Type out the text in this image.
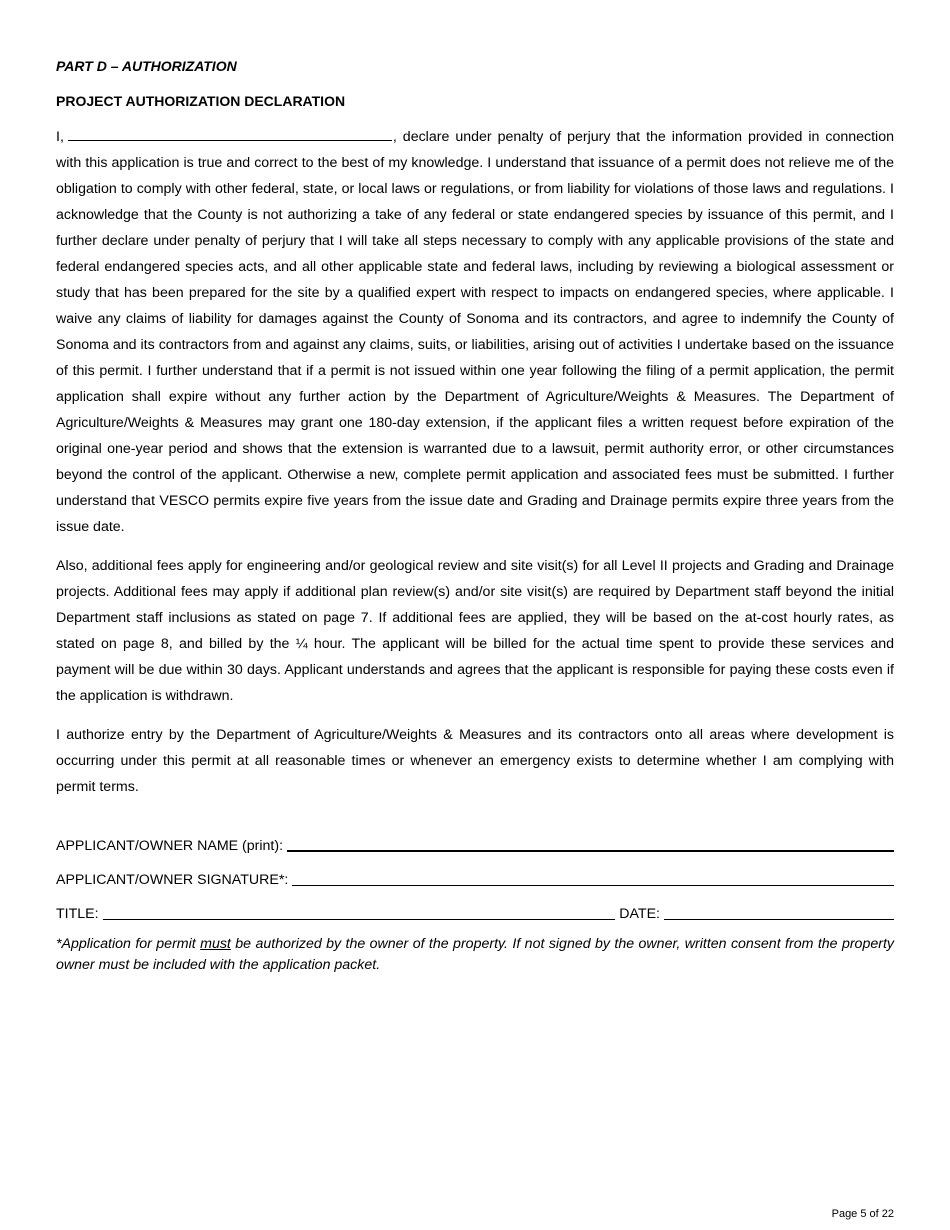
PART D – AUTHORIZATION
PROJECT AUTHORIZATION DECLARATION

I,	, declare under penalty of perjury that the information provided in connection with this application is true and correct to the best of my knowledge. I understand that issuance of a permit does not relieve me of the obligation to comply with other federal, state, or local laws or regulations, or from liability for violations of those laws and regulations. I acknowledge that the County is not authorizing a take of any federal or state endangered species by issuance of this permit, and I further declare under penalty of perjury that I will take all steps necessary to comply with any applicable provisions of the state and federal endangered species acts, and all other applicable state and federal laws, including by reviewing a biological assessment or study that has been prepared for the site by a qualified expert with respect to impacts on endangered species, where applicable. I waive any claims of liability for damages against the County of Sonoma and its contractors, and agree to indemnify the County of Sonoma and its contractors from and against any claims, suits, or liabilities, arising out of activities I undertake based on the issuance of this permit. I further understand that if a permit is not issued within one year following the filing of a permit application, the permit application shall expire without any further action by the Department of Agriculture/Weights & Measures. The Department of Agriculture/Weights & Measures may grant one 180-day extension, if the applicant files a written request before expiration of the original one-year period and shows that the extension is warranted due to a lawsuit, permit authority error, or other circumstances beyond the control of the applicant. Otherwise a new, complete permit application and associated fees must be submitted. I further understand that VESCO permits expire five years from the issue date and Grading and Drainage permits expire three years from the issue date.

Also, additional fees apply for engineering and/or geological review and site visit(s) for all Level II projects and Grading and Drainage projects. Additional fees may apply if additional plan review(s) and/or site visit(s) are required by Department staff beyond the initial Department staff inclusions as stated on page 7. If additional fees are applied, they will be based on the at-cost hourly rates, as stated on page 8, and billed by the ¼ hour. The applicant will be billed for the actual time spent to provide these services and payment will be due within 30 days. Applicant understands and agrees that the applicant is responsible for paying these costs even if the application is withdrawn.

I authorize entry by the Department of Agriculture/Weights & Measures and its contractors onto all areas where development is occurring under this permit at all reasonable times or whenever an emergency exists to determine whether I am complying with permit terms.

APPLICANT/OWNER NAME (print):
APPLICANT/OWNER SIGNATURE*:
TITLE:	DATE:

*Application for permit must be authorized by the owner of the property. If not signed by the owner, written consent from the property owner must be included with the application packet.

Page 5 of 22
